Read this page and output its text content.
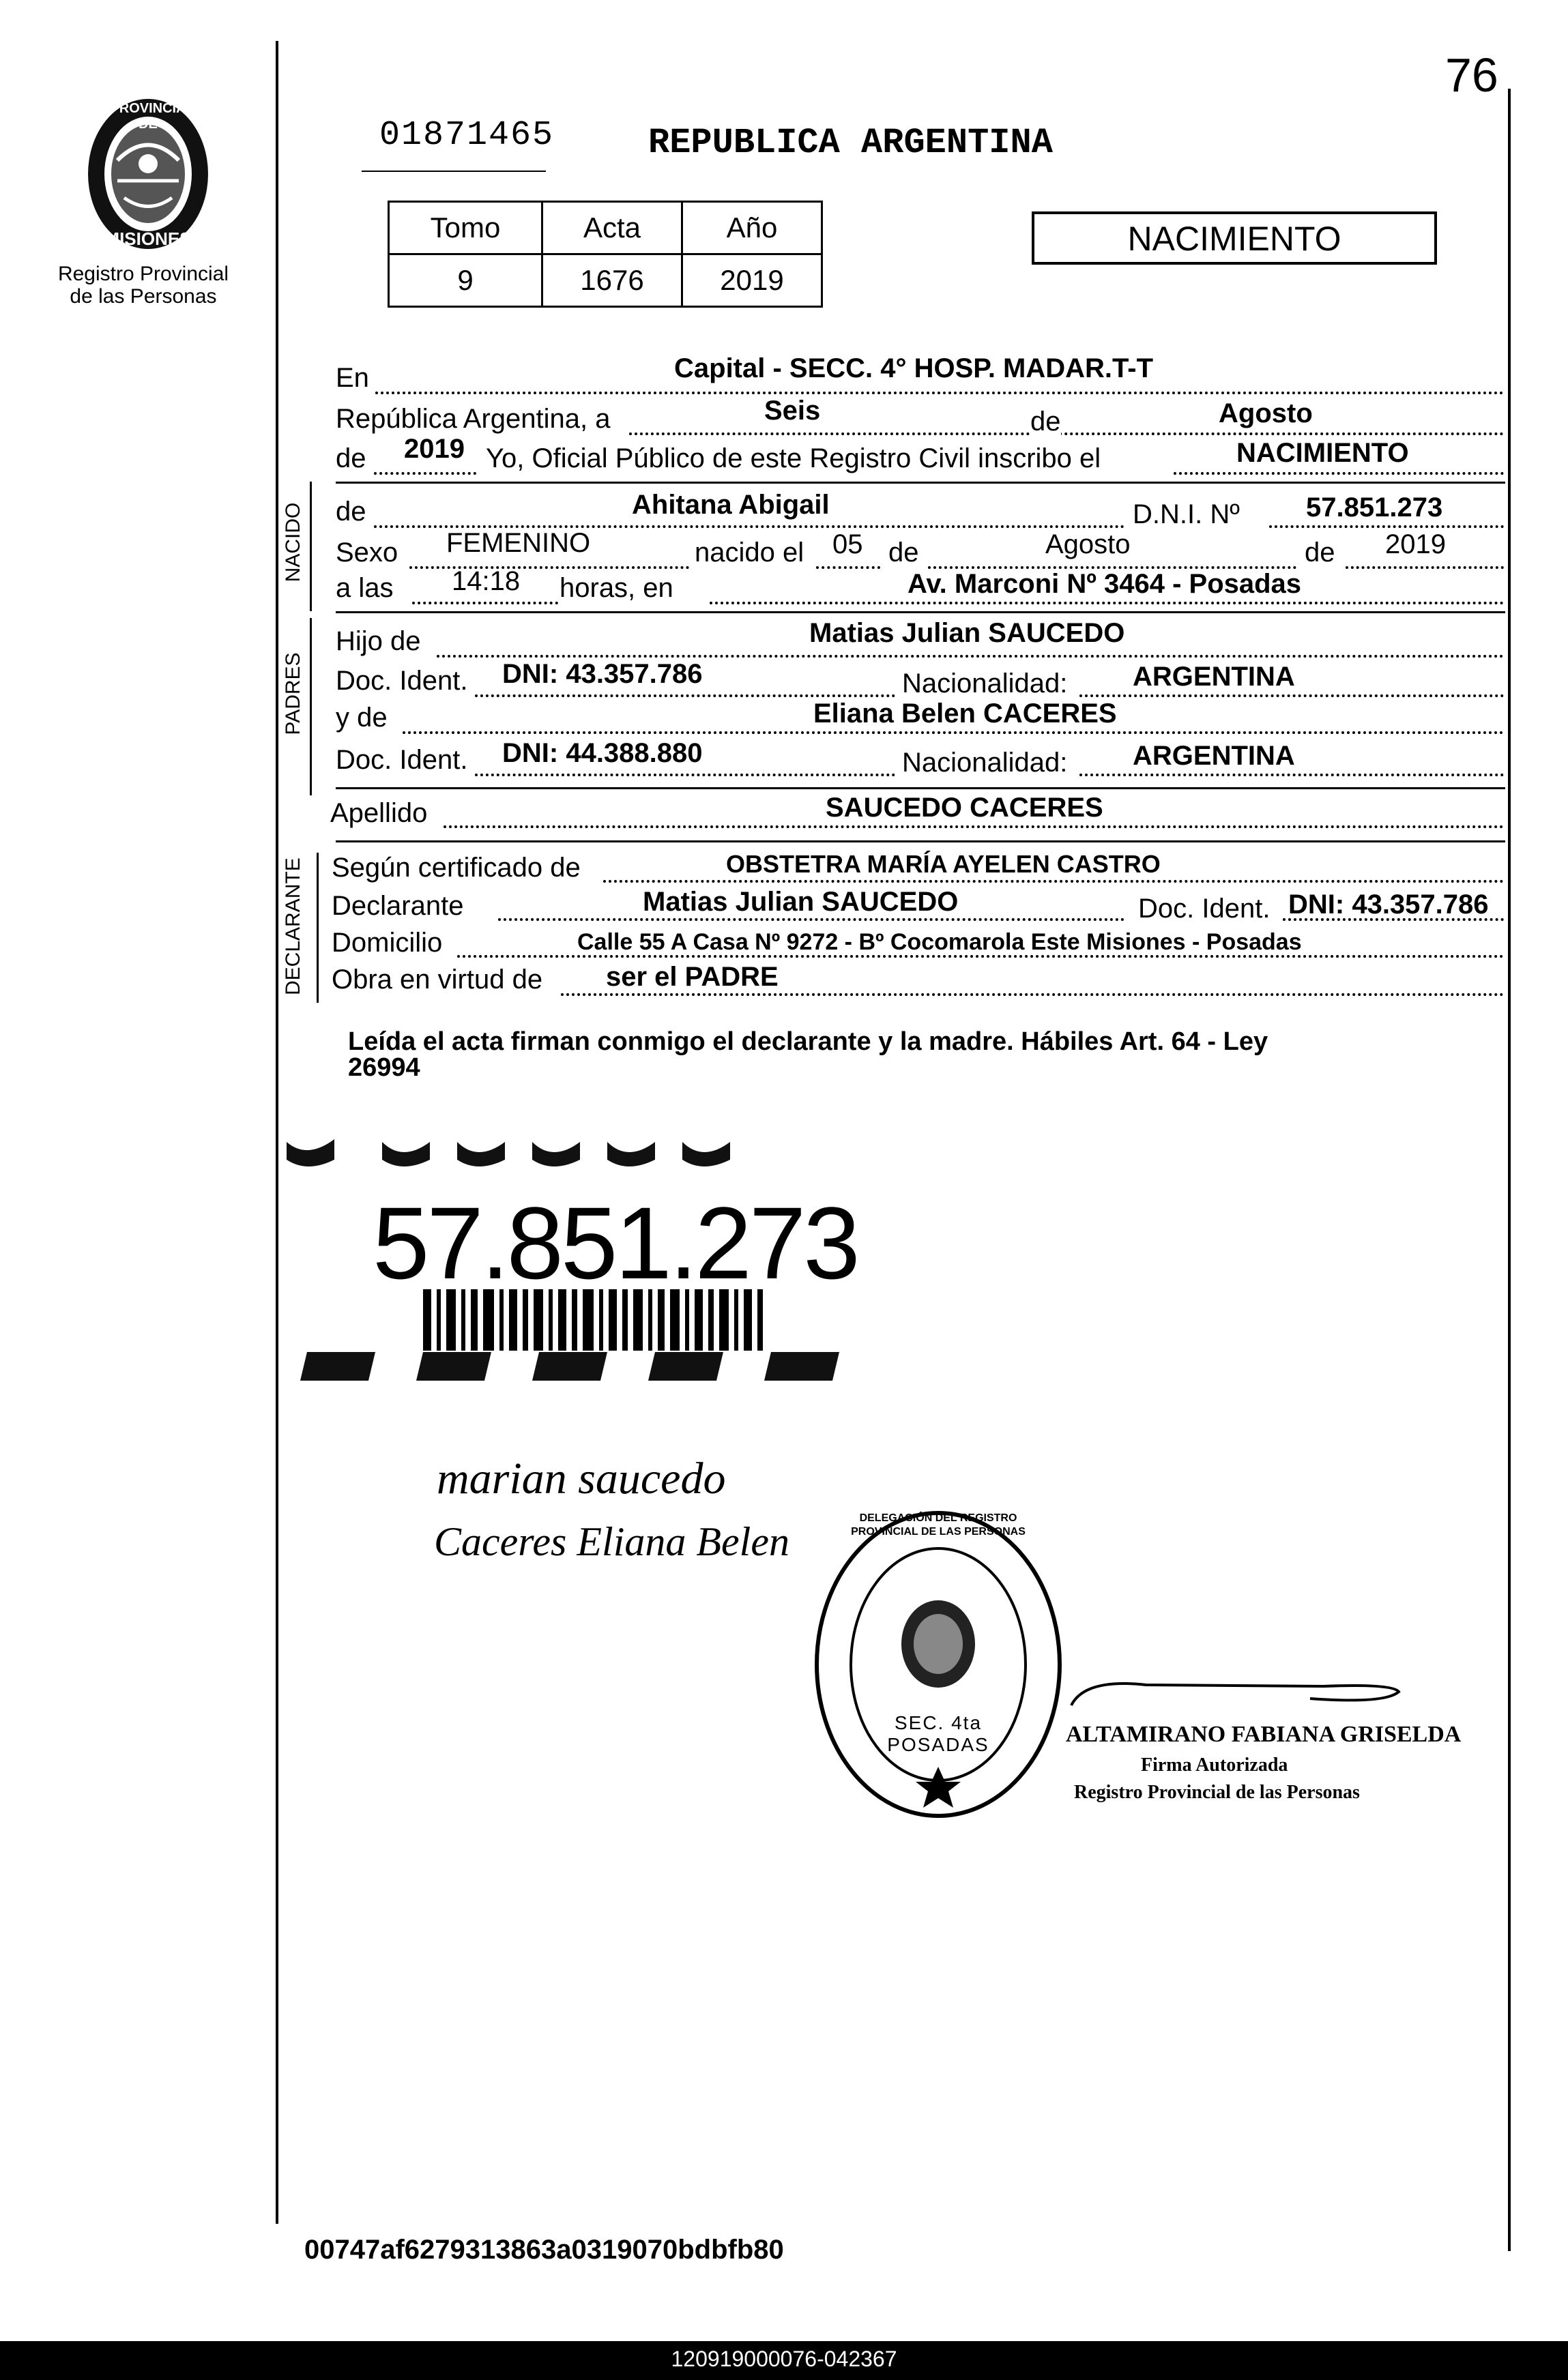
76
PROVINCIA DE
MISIONES
Registro Provincial
de las Personas
01871465	REPUBLICA ARGENTINA
Tomo	Acta	Año
9	1676	2019
NACIMIENTO
En	Capital - SECC. 4° HOSP. MADAR.T-T
República Argentina, a	Seis	de	Agosto
de 2019 Yo, Oficial Público de este Registro Civil inscribo el	NACIMIENTO
NACIDO de	Ahitana Abigail	D.N.I. Nº 57.851.273
Sexo FEMENINO	nacido el 05 de	Agosto	de 2019
a las 14:18 horas, en	Av. Marconi Nº 3464 - Posadas
PADRES
Hijo de	Matias Julian SAUCEDO
Doc. Ident. DNI: 43.357.786	Nacionalidad: ARGENTINA
y de	Eliana Belen CACERES
Doc. Ident. DNI: 44.388.880	Nacionalidad: ARGENTINA
Apellido	SAUCEDO CACERES
DECLARANTE Según certificado de	OBSTETRA MARÍA AYELEN CASTRO
Declarante	Matias Julian SAUCEDO	Doc. Ident. DNI: 43.357.786
Domicilio	Calle 55 A Casa Nº 9272 - Bº Cocomarola Este Misiones - Posadas
Obra en virtud de ser el PADRE
Leída el acta firman conmigo el declarante y la madre. Hábiles Art. 64 - Ley
26994
57.851.273
marian saucedo
Caceres Eliana Belen
DELEGACIÓN DEL REGISTRO PROVINCIAL DE LAS PERSONAS
SEC. 4ta POSADAS	ALTAMIRANO FABIANA GRISELDA
Firma Autorizada
Registro Provincial de las Personas
00747af6279313863a0319070bdbfb80
120919000076-042367
